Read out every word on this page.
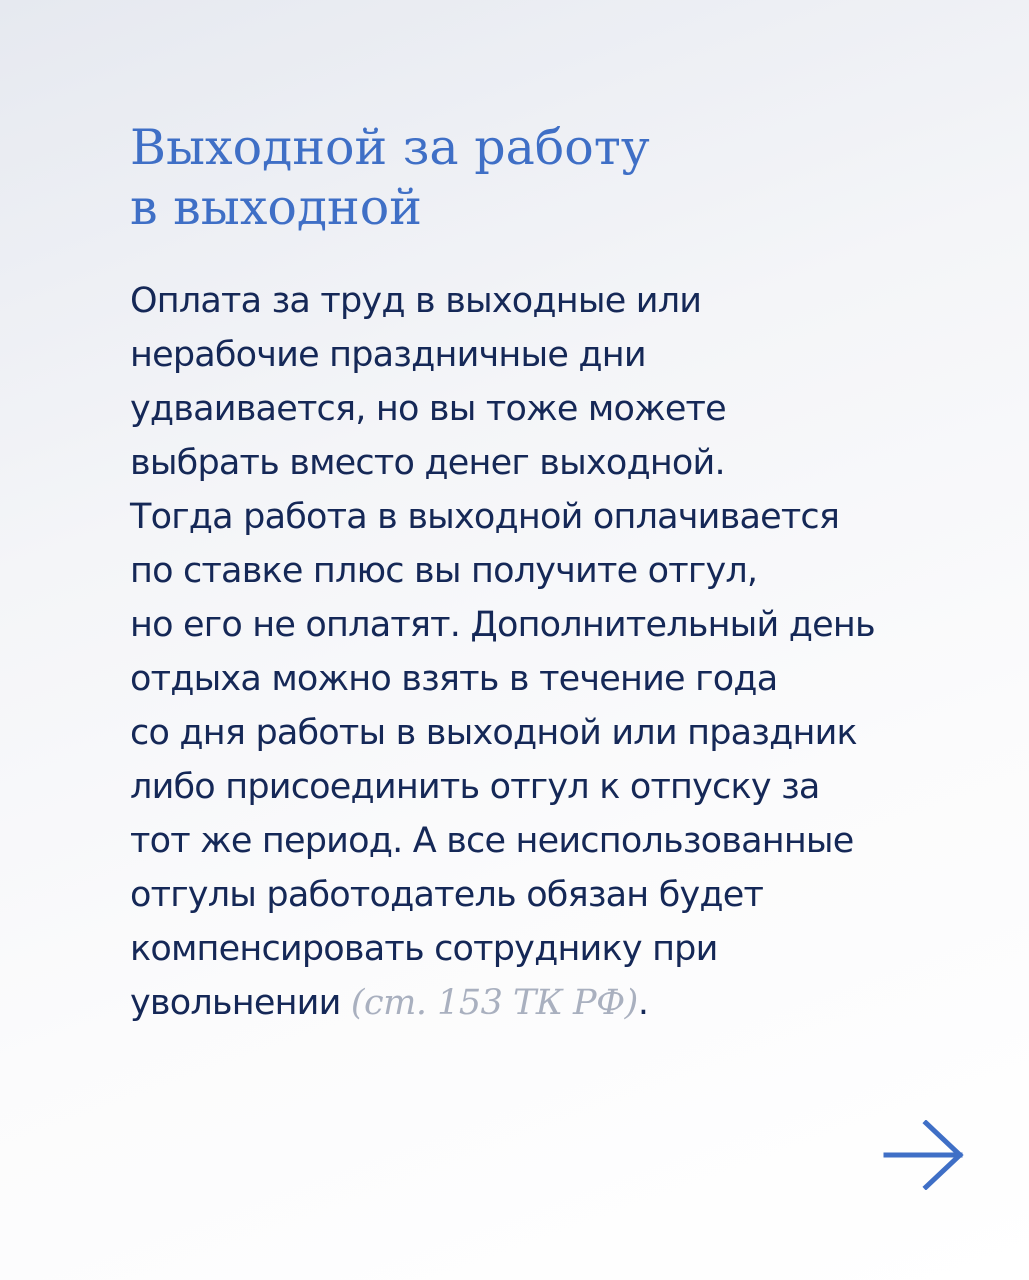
Выходной за работу
в выходной

Оплата за труд в выходные или
нерабочие праздничные дни
удваивается, но вы тоже можете
выбрать вместо денег выходной.
Тогда работа в выходной оплачивается
по ставке плюс вы получите отгул,
но его не оплатят. Дополнительный день
отдыха можно взять в течение года
со дня работы в выходной или праздник
либо присоединить отгул к отпуску за
тот же период. А все неиспользованные
отгулы работодатель обязан будет
компенсировать сотруднику при
увольнении (ст. 153 ТК РФ).
